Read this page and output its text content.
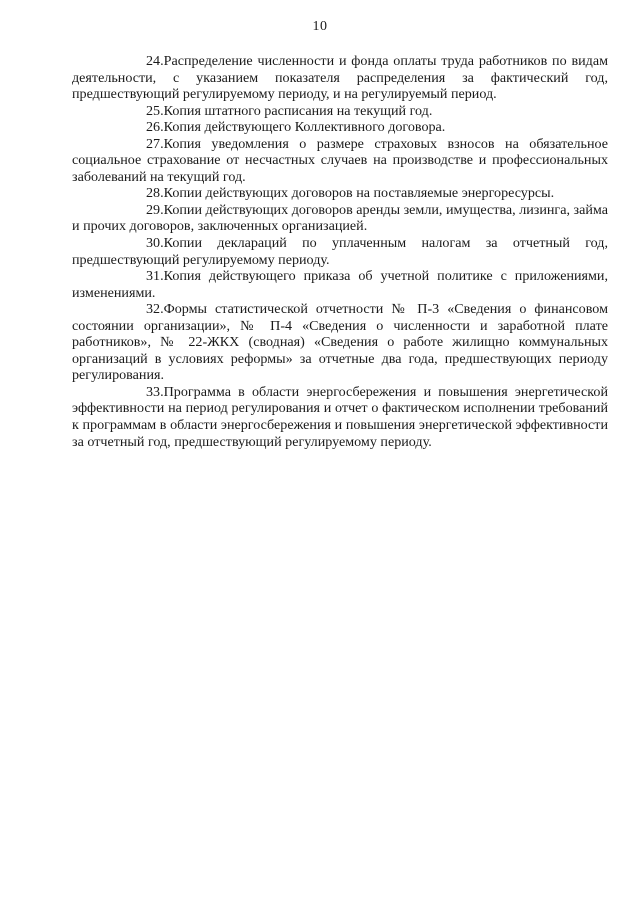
10

24.Распределение численности и фонда оплаты труда работников по видам деятельности, с указанием показателя распределения за фактический год, предшествующий регулируемому периоду, и на регулируемый период.

25.Копия штатного расписания на текущий год.

26.Копия действующего Коллективного договора.

27.Копия уведомления о размере страховых взносов на обязательное социальное страхование от несчастных случаев на производстве и профессиональных заболеваний на текущий год.

28.Копии действующих договоров на поставляемые энергоресурсы.

29.Копии действующих договоров аренды земли, имущества, лизинга, займа и прочих договоров, заключенных организацией.

30.Копии деклараций по уплаченным налогам за отчетный год, предшествующий регулируемому периоду.

31.Копия действующего приказа об учетной политике с приложениями, изменениями.

32.Формы статистической отчетности № П-3 «Сведения о финансовом состоянии организации», № П-4 «Сведения о численности и заработной плате работников», № 22-ЖКХ (сводная) «Сведения о работе жилищно коммунальных организаций в условиях реформы» за отчетные два года, предшествующих периоду регулирования.

33.Программа в области энергосбережения и повышения энергетической эффективности на период регулирования и отчет о фактическом исполнении требований к программам в области энергосбережения и повышения энергетической эффективности за отчетный год, предшествующий регулируемому периоду.
